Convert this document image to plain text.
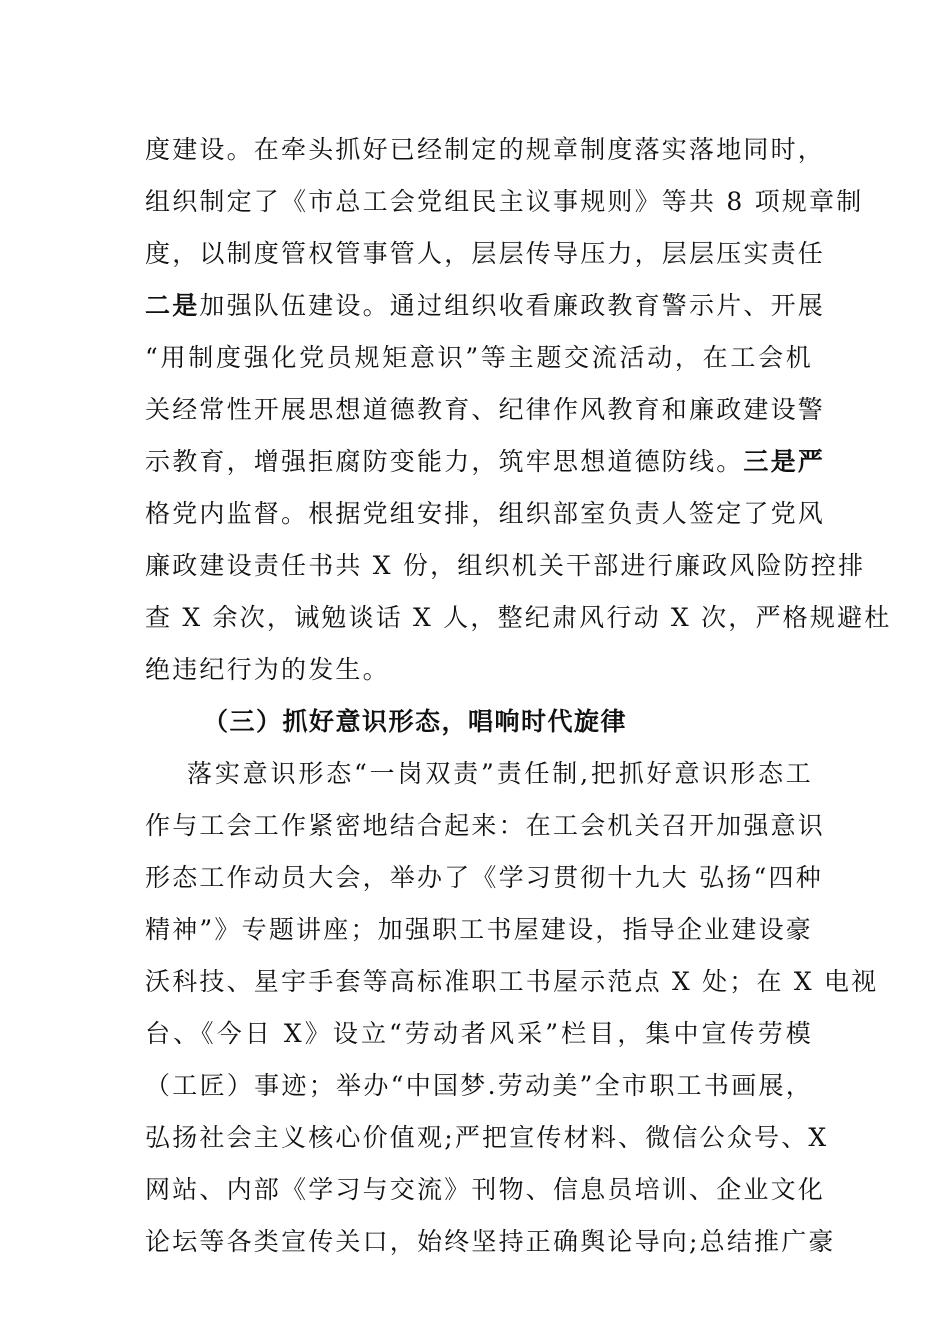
度建设。在牵头抓好已经制定的规章制度落实落地同时，
组织制定了《市总工会党组民主议事规则》等共 8 项规章制
度，以制度管权管事管人，层层传导压力，层层压实责任
二是加强队伍建设。通过组织收看廉政教育警示片、开展
“用制度强化党员规矩意识”等主题交流活动，在工会机
关经常性开展思想道德教育、纪律作风教育和廉政建设警
示教育，增强拒腐防变能力，筑牢思想道德防线。三是严
格党内监督。根据党组安排，组织部室负责人签定了党风
廉政建设责任书共 X 份，组织机关干部进行廉政风险防控排
查 X 余次，诫勉谈话 X 人，整纪肃风行动 X 次，严格规避杜
绝违纪行为的发生。
（三）抓好意识形态，唱响时代旋律
落实意识形态“一岗双责”责任制,把抓好意识形态工
作与工会工作紧密地结合起来：在工会机关召开加强意识
形态工作动员大会，举办了《学习贯彻十九大 弘扬“四种
精神”》专题讲座；加强职工书屋建设，指导企业建设豪
沃科技、星宇手套等高标准职工书屋示范点 X 处；在 X 电视
台、《今日 X》设立“劳动者风采”栏目，集中宣传劳模
（工匠）事迹；举办“中国梦.劳动美”全市职工书画展，
弘扬社会主义核心价值观;严把宣传材料、微信公众号、X
网站、内部《学习与交流》刊物、信息员培训、企业文化
论坛等各类宣传关口，始终坚持正确舆论导向;总结推广豪
